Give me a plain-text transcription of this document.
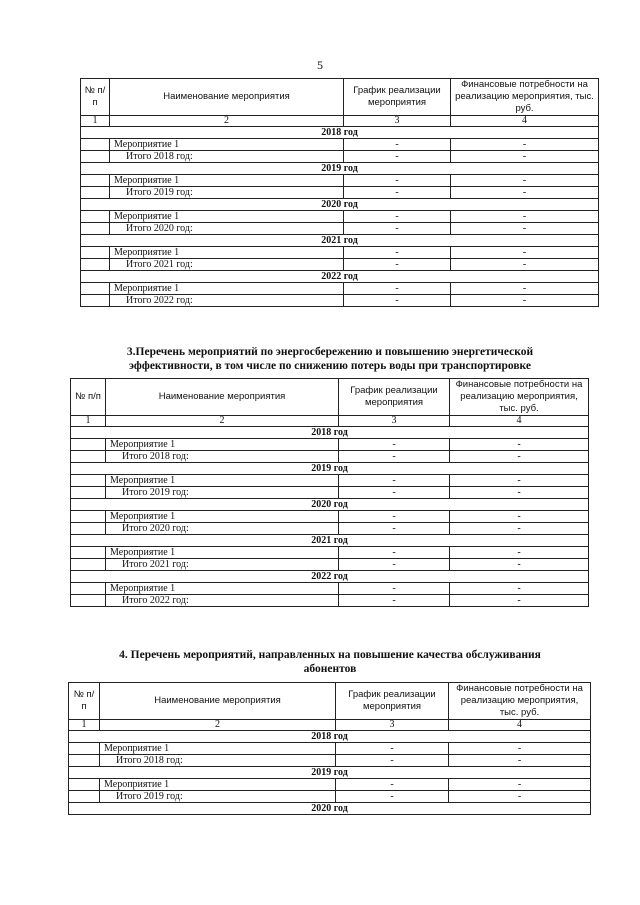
5
№ п/п	Наименование мероприятия	График реализации мероприятия	Финансовые потребности на реализацию мероприятия, тыс. руб.
1	2	3	4
2018 год			
	Мероприятие 1	-	-
	Итого 2018 год:	-	-
2019 год			
	Мероприятие 1	-	-
	Итого 2019 год:	-	-
2020 год			
	Мероприятие 1	-	-
	Итого 2020 год:	-	-
2021 год			
	Мероприятие 1	-	-
	Итого 2021 год:	-	-
2022 год			
	Мероприятие 1	-	-
	Итого 2022 год:	-	-
3.Перечень мероприятий по энергосбережению и повышению энергетической
эффективности, в том числе по снижению потерь воды при транспортировке
№ п/п	Наименование мероприятия	График реализации мероприятия	Финансовые потребности на реализацию мероприятия, тыс. руб.
1	2	3	4
2018 год			
	Мероприятие 1	-	-
	Итого 2018 год:	-	-
2019 год			
	Мероприятие 1	-	-
	Итого 2019 год:	-	-
2020 год			
	Мероприятие 1	-	-
	Итого 2020 год:	-	-
2021 год			
	Мероприятие 1	-	-
	Итого 2021 год:	-	-
2022 год			
	Мероприятие 1	-	-
	Итого 2022 год:	-	-
4. Перечень мероприятий, направленных на повышение качества обслуживания
абонентов
№ п/п	Наименование мероприятия	График реализации мероприятия	Финансовые потребности на реализацию мероприятия, тыс. руб.
1	2	3	4
2018 год			
	Мероприятие 1	-	-
	Итого 2018 год:	-	-
2019 год			
	Мероприятие 1	-	-
	Итого 2019 год:	-	-
2020 год			
